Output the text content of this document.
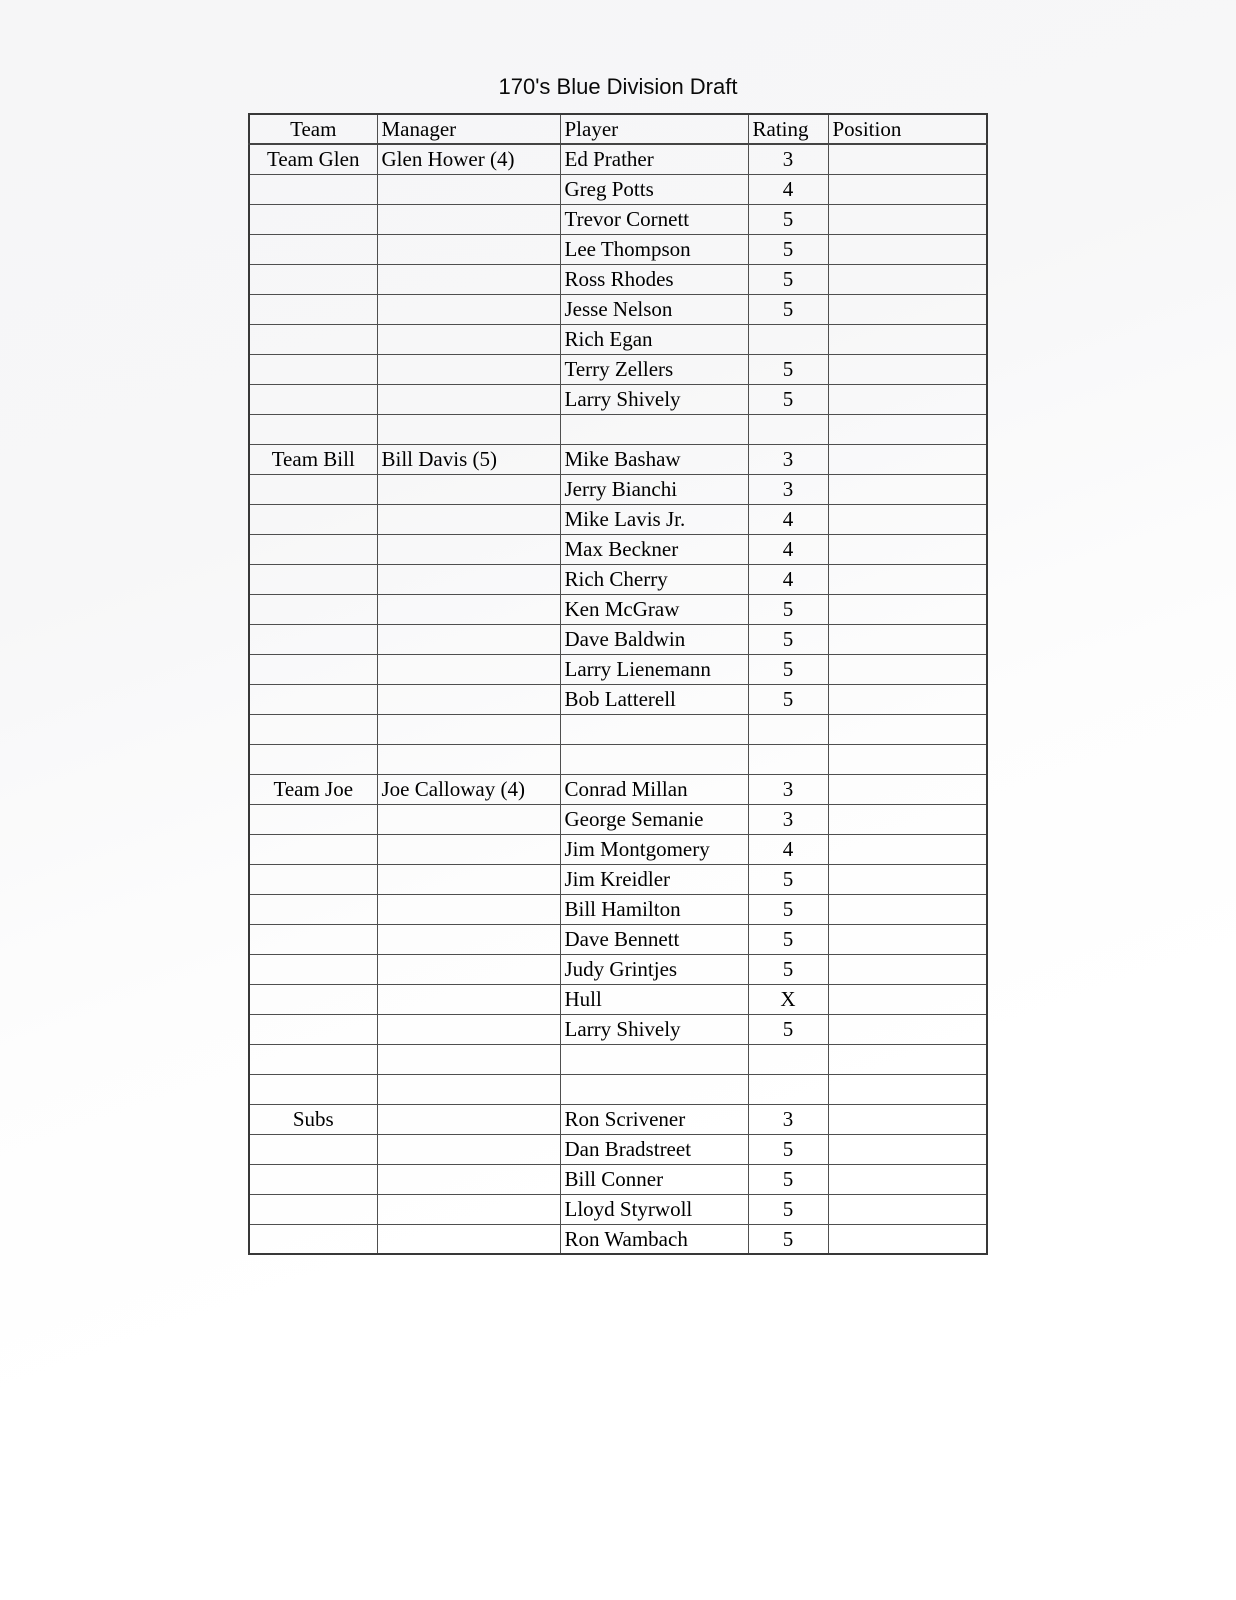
170's Blue Division Draft
Team	Manager	Player	Rating	Position
Team Glen	Glen Hower (4)	Ed Prather	3	
		Greg Potts	4	
		Trevor Cornett	5	
		Lee Thompson	5	
		Ross Rhodes	5	
		Jesse Nelson	5	
		Rich Egan		
		Terry Zellers	5	
		Larry Shively	5	

Team Bill	Bill Davis (5)	Mike Bashaw	3	
		Jerry Bianchi	3	
		Mike Lavis Jr.	4	
		Max Beckner	4	
		Rich Cherry	4	
		Ken McGraw	5	
		Dave Baldwin	5	
		Larry Lienemann	5	
		Bob Latterell	5	

Team Joe	Joe Calloway (4)	Conrad Millan	3	
		George Semanie	3	
		Jim Montgomery	4	
		Jim Kreidler	5	
		Bill Hamilton	5	
		Dave Bennett	5	
		Judy Grintjes	5	
		Hull	X	
		Larry Shively	5	

Subs		Ron Scrivener	3	
		Dan Bradstreet	5	
		Bill Conner	5	
		Lloyd Styrwoll	5	
		Ron Wambach	5	
